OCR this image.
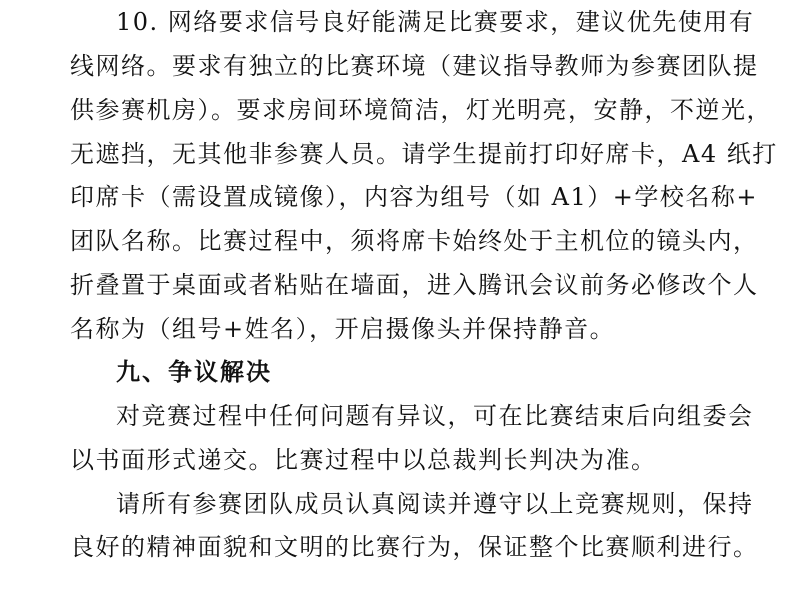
10. 网络要求信号良好能满足比赛要求，建议优先使用有
线网络。要求有独立的比赛环境（建议指导教师为参赛团队提
供参赛机房）。要求房间环境简洁，灯光明亮，安静，不逆光，
无遮挡，无其他非参赛人员。请学生提前打印好席卡，A4 纸打
印席卡（需设置成镜像），内容为组号（如 A1）+学校名称+
团队名称。比赛过程中，须将席卡始终处于主机位的镜头内，
折叠置于桌面或者粘贴在墙面，进入腾讯会议前务必修改个人
名称为（组号+姓名），开启摄像头并保持静音。
九、争议解决
对竞赛过程中任何问题有异议，可在比赛结束后向组委会
以书面形式递交。比赛过程中以总裁判长判决为准。
请所有参赛团队成员认真阅读并遵守以上竞赛规则，保持
良好的精神面貌和文明的比赛行为，保证整个比赛顺利进行。
